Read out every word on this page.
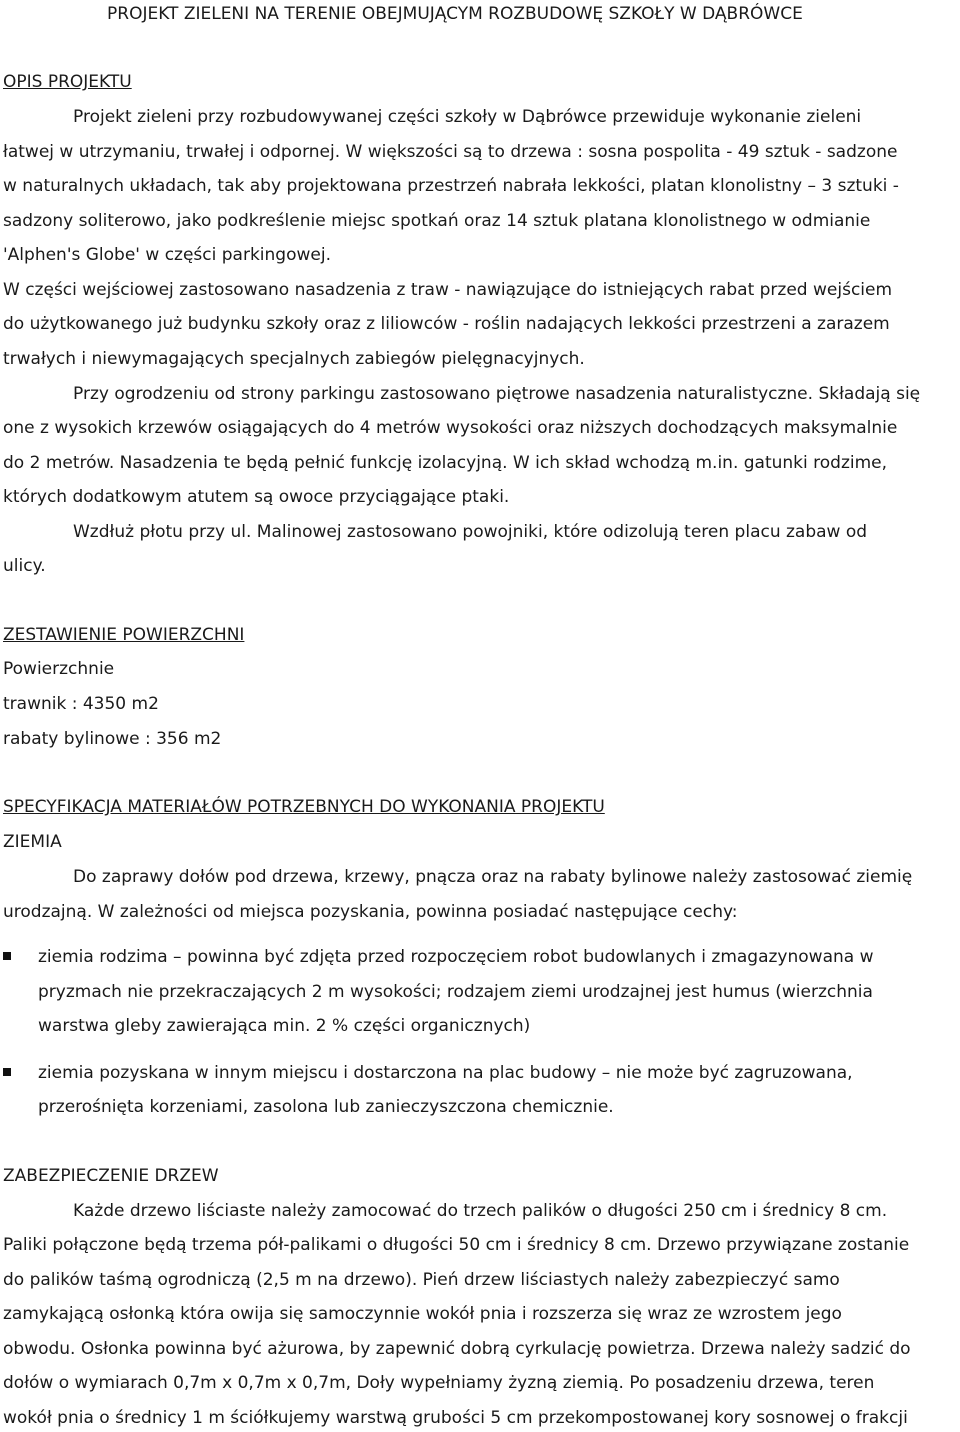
PROJEKT ZIELENI NA TERENIE OBEJMUJĄCYM ROZBUDOWĘ SZKOŁY W DĄBRÓWCE
OPIS PROJEKTU
Projekt zieleni przy rozbudowywanej części szkoły w Dąbrówce przewiduje wykonanie zieleni
łatwej w utrzymaniu, trwałej i odpornej. W większości są to drzewa : sosna pospolita - 49 sztuk - sadzone
w naturalnych układach, tak aby projektowana przestrzeń nabrała lekkości, platan klonolistny – 3 sztuki -
sadzony soliterowo, jako podkreślenie miejsc spotkań oraz 14 sztuk platana klonolistnego w odmianie
'Alphen's Globe' w części parkingowej.
W części wejściowej zastosowano nasadzenia z traw - nawiązujące do istniejących rabat przed wejściem
do użytkowanego już budynku szkoły oraz z liliowców - roślin nadających lekkości przestrzeni a zarazem
trwałych i niewymagających specjalnych zabiegów pielęgnacyjnych.
Przy ogrodzeniu od strony parkingu zastosowano piętrowe nasadzenia naturalistyczne. Składają się
one z wysokich krzewów osiągających do 4 metrów wysokości oraz niższych dochodzących maksymalnie
do 2 metrów. Nasadzenia te będą pełnić funkcję izolacyjną. W ich skład wchodzą m.in. gatunki rodzime,
których dodatkowym atutem są owoce przyciągające ptaki.
Wzdłuż płotu przy ul. Malinowej zastosowano powojniki, które odizolują teren placu zabaw od
ulicy.
ZESTAWIENIE POWIERZCHNI
Powierzchnie
trawnik : 4350 m2
rabaty bylinowe : 356 m2
SPECYFIKACJA MATERIAŁÓW POTRZEBNYCH DO WYKONANIA PROJEKTU
ZIEMIA
Do zaprawy dołów pod drzewa, krzewy, pnącza oraz na rabaty bylinowe należy zastosować ziemię
urodzajną. W zależności od miejsca pozyskania, powinna posiadać następujące cechy:
ziemia rodzima – powinna być zdjęta przed rozpoczęciem robot budowlanych i zmagazynowana w
pryzmach nie przekraczających 2 m wysokości; rodzajem ziemi urodzajnej jest humus (wierzchnia
warstwa gleby zawierająca min. 2 % części organicznych)
ziemia pozyskana w innym miejscu i dostarczona na plac budowy – nie może być zagruzowana,
przerośnięta korzeniami, zasolona lub zanieczyszczona chemicznie.
ZABEZPIECZENIE DRZEW
Każde drzewo liściaste należy zamocować do trzech palików o długości 250 cm i średnicy 8 cm.
Paliki połączone będą trzema pół-palikami o długości 50 cm i średnicy 8 cm. Drzewo przywiązane zostanie
do palików taśmą ogrodniczą (2,5 m na drzewo). Pień drzew liściastych należy zabezpieczyć samo
zamykającą osłonką która owija się samoczynnie wokół pnia i rozszerza się wraz ze wzrostem jego
obwodu. Osłonka powinna być ażurowa, by zapewnić dobrą cyrkulację powietrza. Drzewa należy sadzić do
dołów o wymiarach 0,7m x 0,7m x 0,7m, Doły wypełniamy żyzną ziemią. Po posadzeniu drzewa, teren
wokół pnia o średnicy 1 m ściółkujemy warstwą grubości 5 cm przekompostowanej kory sosnowej o frakcji
